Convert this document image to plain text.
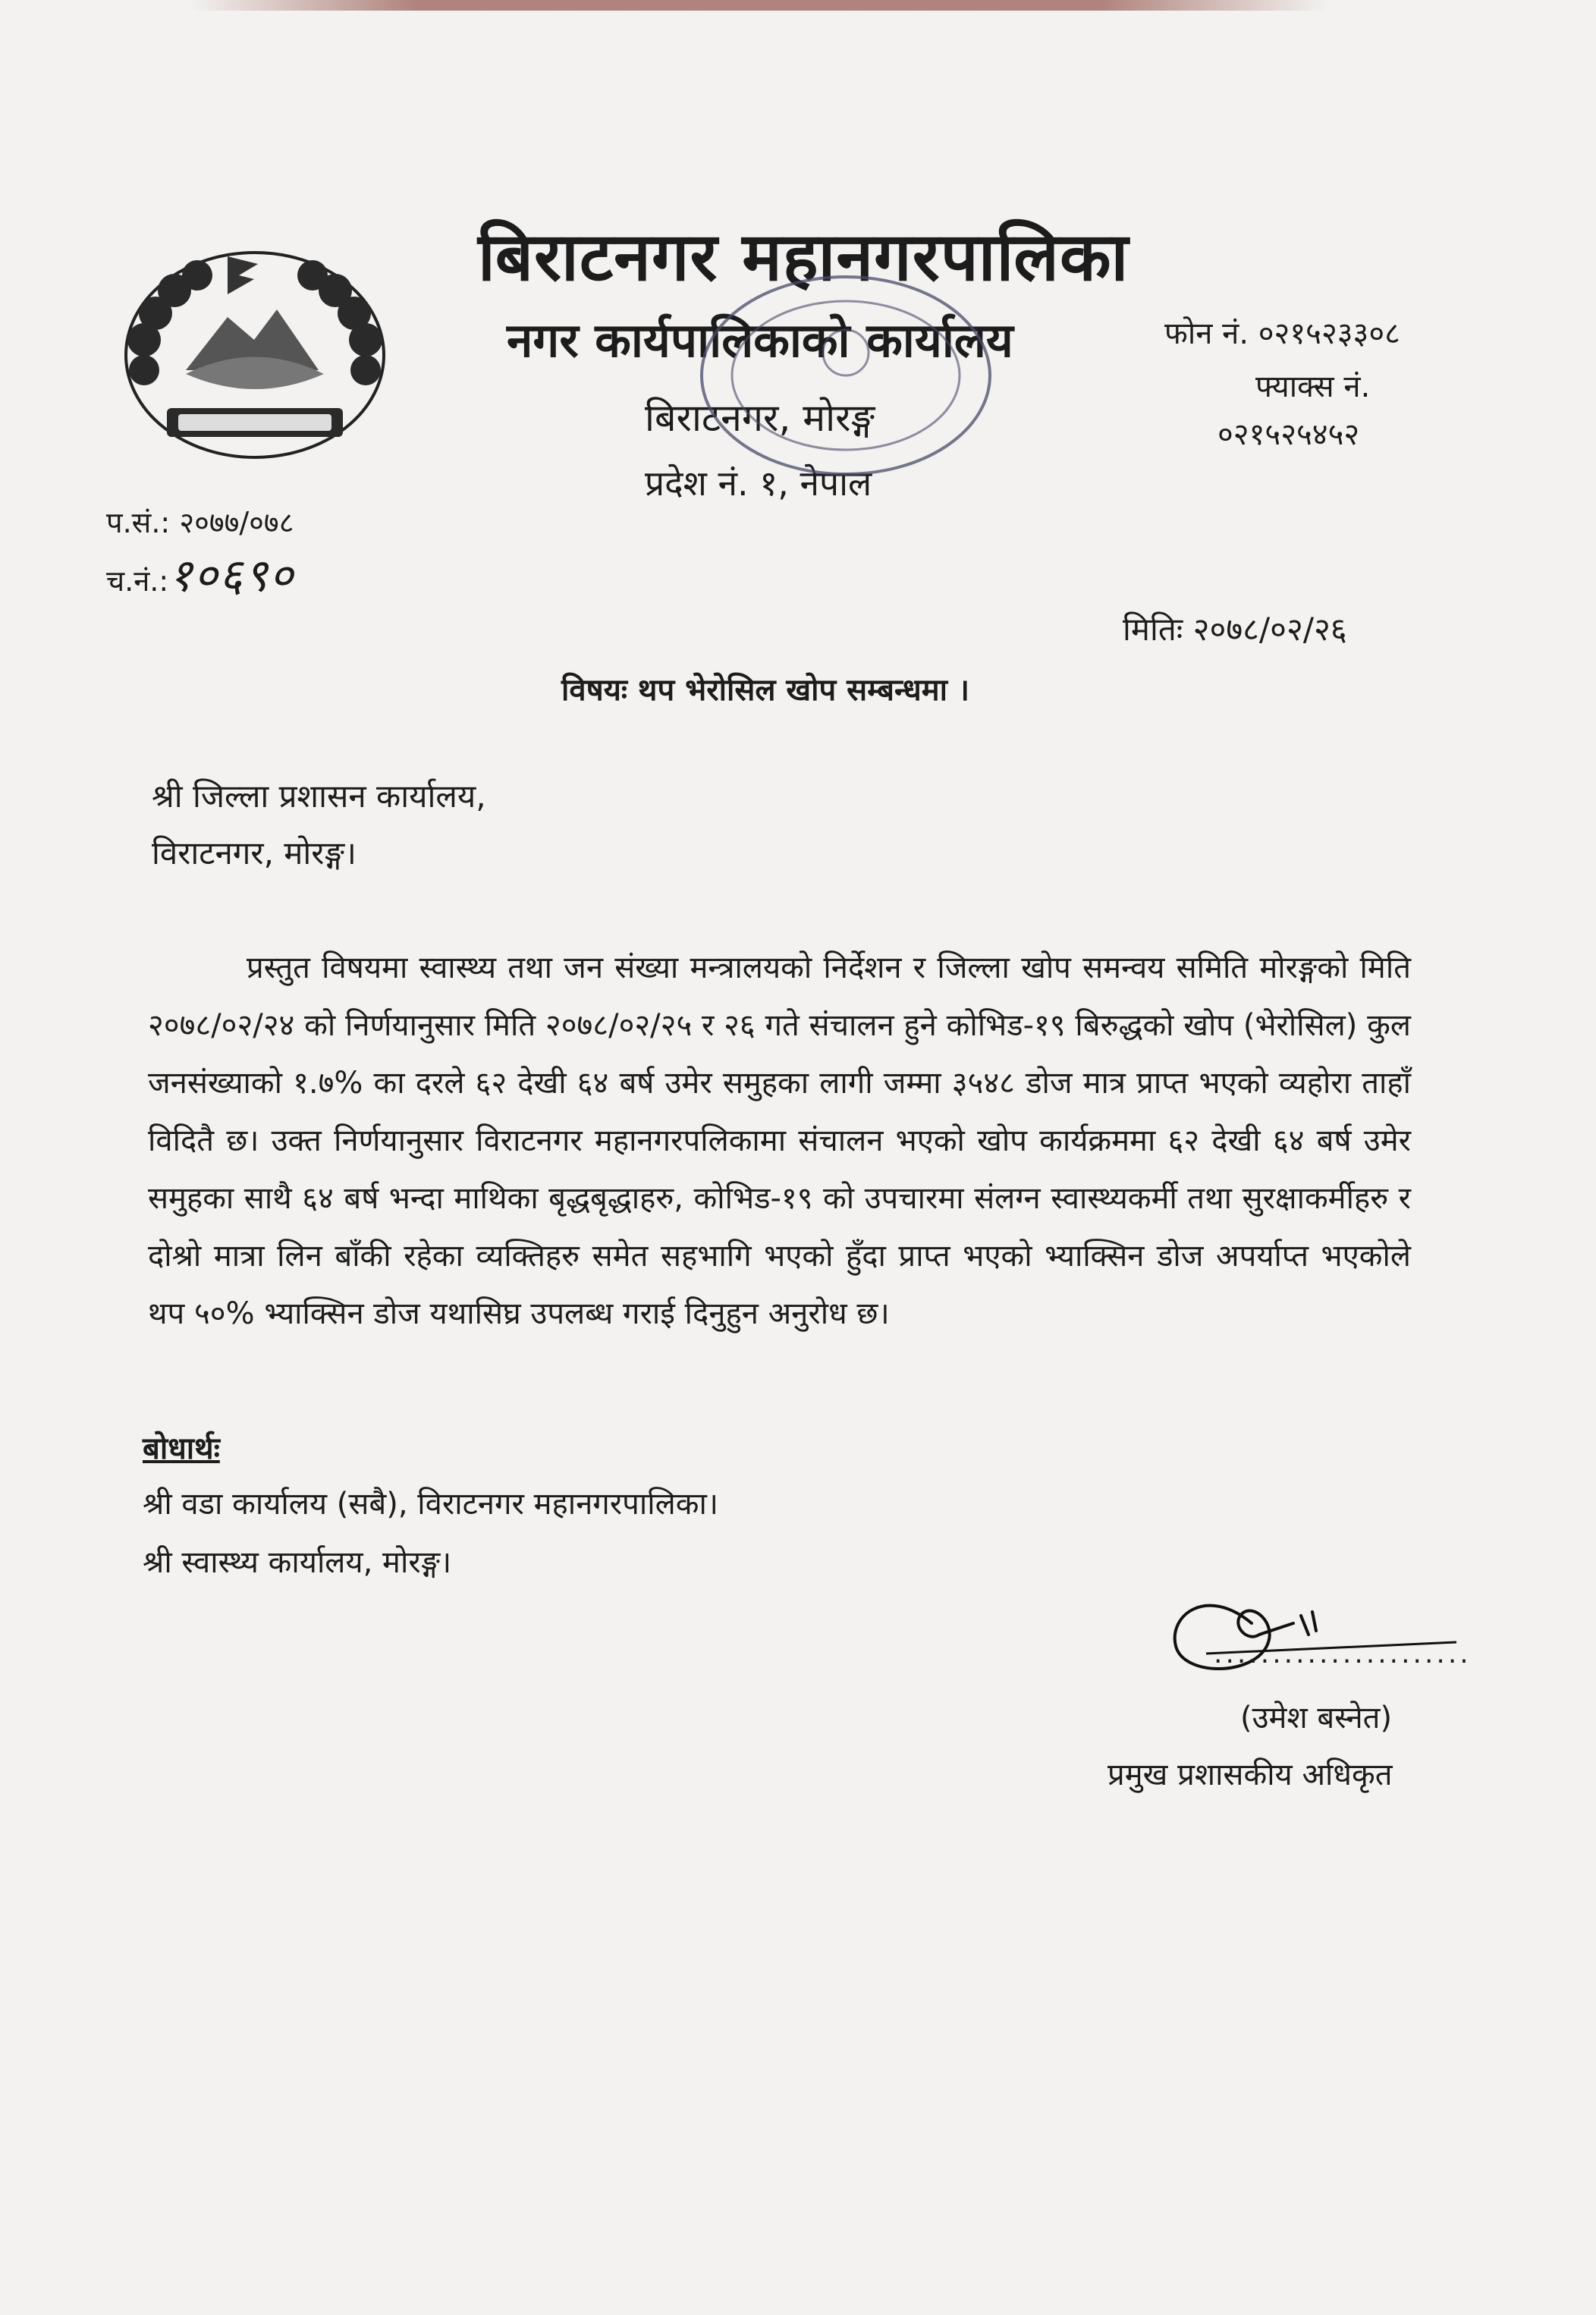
बिराटनगर महानगरपालिका
नगर कार्यपालिकाको कार्यालय
बिराटनगर, मोरङ्ग
प्रदेश नं. १, नेपाल
फोन नं. ०२१५२३३०८
फ्याक्स नं.
०२१५२५४५२
प.सं.: २०७७/०७८
च.नं.:१०६९०
मितिः २०७८/०२/२६
विषयः थप भेरोसिल खोप सम्बन्धमा ।
श्री जिल्ला प्रशासन कार्यालय,
विराटनगर, मोरङ्ग।
प्रस्तुत विषयमा स्वास्थ्य तथा जन संख्या मन्त्रालयको निर्देशन र जिल्ला खोप समन्वय समिति मोरङ्गको मिति २०७८/०२/२४ को निर्णयानुसार मिति २०७८/०२/२५ र २६ गते संचालन हुने कोभिड-१९ बिरुद्धको खोप (भेरोसिल) कुल जनसंख्याको १.७% का दरले ६२ देखी ६४ बर्ष उमेर समुहका लागी जम्मा ३५४८ डोज मात्र प्राप्त भएको व्यहोरा ताहाँ विदितै छ। उक्त निर्णयानुसार विराटनगर महानगरपलिकामा संचालन भएको खोप कार्यक्रममा ६२ देखी ६४ बर्ष उमेर समुहका साथै ६४ बर्ष भन्दा माथिका बृद्धबृद्धाहरु, कोभिड-१९ को उपचारमा संलग्न स्वास्थ्यकर्मी तथा सुरक्षाकर्मीहरु र दोश्रो मात्रा लिन बाँकी रहेका व्यक्तिहरु समेत सहभागि भएको हुँदा प्राप्त भएको भ्याक्सिन डोज अपर्याप्त भएकोले थप ५०% भ्याक्सिन डोज यथासिघ्र उपलब्ध गराई दिनुहुन अनुरोध छ।
बोधार्थः
श्री वडा कार्यालय (सबै), विराटनगर महानगरपालिका।
श्री स्वास्थ्य कार्यालय, मोरङ्ग।
......................
(उमेश बस्नेत)
प्रमुख प्रशासकीय अधिकृत
